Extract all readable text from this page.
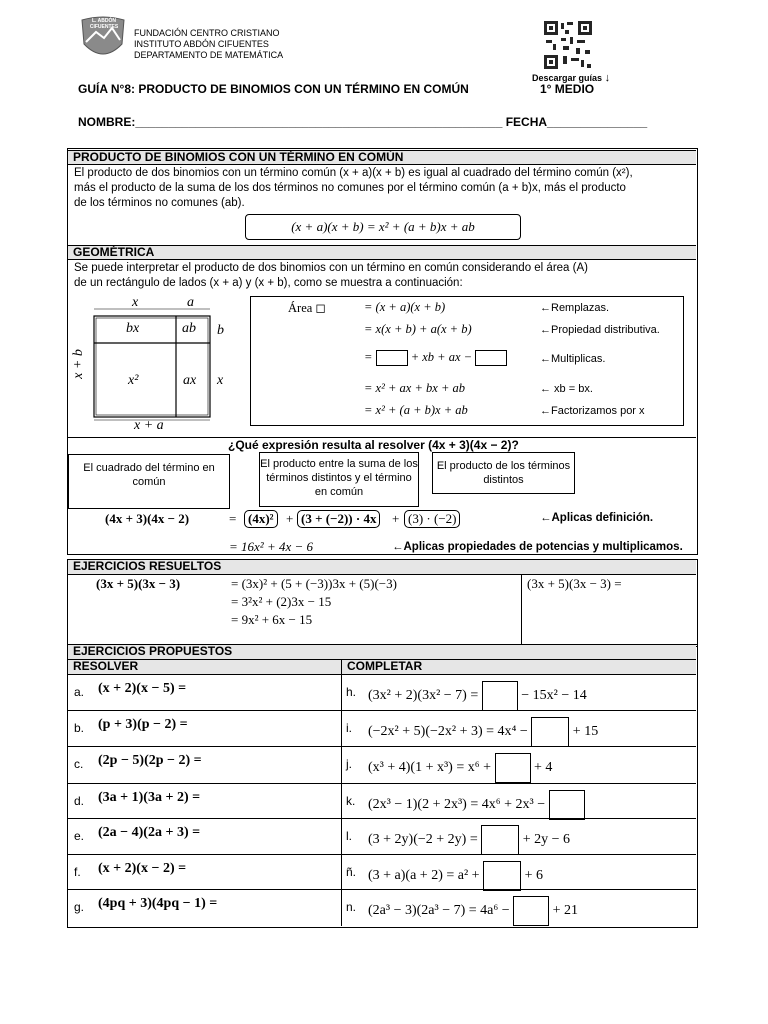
L. ABDÓN CIFUENTES
FUNDACIÓN CENTRO CRISTIANO
INSTITUTO ABDÓN CIFUENTES
DEPARTAMENTO DE MATEMÁTICA
Descargar guías ↓
GUÍA N°8: PRODUCTO DE BINOMIOS CON UN TÉRMINO EN COMÚN	1° MEDIO
NOMBRE:_______________________________________________________ FECHA_______________
PRODUCTO DE BINOMIOS CON UN TÉRMINO EN COMÚN
El producto de dos binomios con un término común (x + a)(x + b) es igual al cuadrado del término común (x²),
más el producto de la suma de los dos términos no comunes por el término común (a + b)x, más el producto
de los términos no comunes (ab).
(x + a)(x + b) = x² + (a + b)x + ab
GEOMÉTRICA
Se puede interpretar el producto de dos binomios con un término en común considerando el área (A)
de un rectángulo de lados (x + a) y (x + b), como se muestra a continuación:
x	a
bx	ab b
x²	ax x
x + a
x + b
Área ◻	= (x + a)(x + b)	←Remplazas.
= x(x + b) + a(x + b)	←Propiedad distributiva.
=	+ xb + ax −	←Multiplicas.
= x² + ax + bx + ab	← xb = bx.
= x² + (a + b)x + ab	←Factorizamos por x
¿Qué expresión resulta al resolver (4x + 3)(4x − 2)?
El cuadrado del término en común
El producto entre la suma de los términos distintos y el término en común
El producto de los términos distintos
(4x + 3)(4x − 2)	= (4x)² + (3 + (−2)) · 4x	+ (3) · (−2)	←Aplicas definición.
= 16x² + 4x − 6	←Aplicas propiedades de potencias y multiplicamos.
EJERCICIOS RESUELTOS
(3x + 5)(3x − 3)	= (3x)² + (5 + (−3))3x + (5)(−3)
= 3²x² + (2)3x − 15
= 9x² + 6x − 15
(3x + 5)(3x − 3) =
EJERCICIOS PROPUESTOS
RESOLVER	COMPLETAR
a. (x + 2)(x − 5) =	h. (3x² + 2)(3x² − 7) =	− 15x² − 14
b. (p + 3)(p − 2) =	i. (−2x² + 5)(−2x² + 3) = 4x⁴ −	+ 15
c. (2p − 5)(2p − 2) =	j. (x³ + 4)(1 + x³) = x⁶ +	+ 4
d. (3a + 1)(3a + 2) =	k. (2x³ − 1)(2 + 2x³) = 4x⁶ + 2x³ −
e. (2a − 4)(2a + 3) =	l. (3 + 2y)(−2 + 2y) =	+ 2y − 6
f. (x + 2)(x − 2) =	ñ. (3 + a)(a + 2) = a² +	+ 6
g. (4pq + 3)(4pq − 1) =	n. (2a³ − 3)(2a³ − 7) = 4a⁶ −	+ 21
